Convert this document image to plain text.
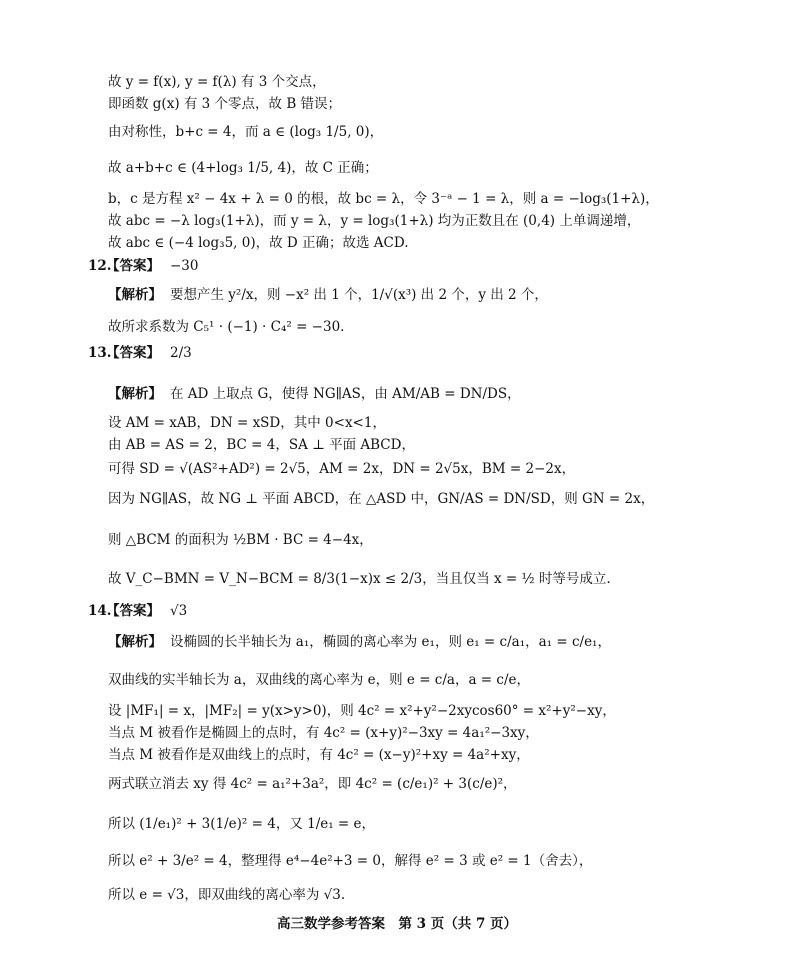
故 y = f(x), y = f(λ) 有 3 个交点，
即函数 g(x) 有 3 个零点，故 B 错误；
由对称性，b+c = 4，而 a ∈ (log₃ 1/5, 0)，
故 a+b+c ∈ (4+log₃ 1/5, 4)，故 C 正确；
b，c 是方程 x² − 4x + λ = 0 的根，故 bc = λ，令 3⁻ᵃ − 1 = λ，则 a = −log₃(1+λ)，
故 abc = −λ log₃(1+λ)，而 y = λ，y = log₃(1+λ) 均为正数且在 (0,4) 上单调递增，
故 abc ∈ (−4 log₃5, 0)，故 D 正确；故选 ACD.
12.
【答案】 −30
【解析】 要想产生 y²/x，则 −x² 出 1 个，1/√(x³) 出 2 个，y 出 2 个，
故所求系数为 C₅¹ · (−1) · C₄² = −30.
13.
【答案】 2/3
【解析】 在 AD 上取点 G，使得 NG∥AS，由 AM/AB = DN/DS，
设 AM = xAB，DN = xSD，其中 0<x<1，
由 AB = AS = 2，BC = 4，SA ⊥ 平面 ABCD，
可得 SD = √(AS²+AD²) = 2√5，AM = 2x，DN = 2√5x，BM = 2−2x，
因为 NG∥AS，故 NG ⊥ 平面 ABCD，在 △ASD 中，GN/AS = DN/SD，则 GN = 2x，
则 △BCM 的面积为 ½BM · BC = 4−4x，
故 V_C−BMN = V_N−BCM = 8/3(1−x)x ≤ 2/3，当且仅当 x = ½ 时等号成立.
14.
【答案】 √3
【解析】 设椭圆的长半轴长为 a₁，椭圆的离心率为 e₁，则 e₁ = c/a₁，a₁ = c/e₁，
双曲线的实半轴长为 a，双曲线的离心率为 e，则 e = c/a，a = c/e，
设 |MF₁| = x，|MF₂| = y(x>y>0)，则 4c² = x²+y²−2xycos60° = x²+y²−xy，
当点 M 被看作是椭圆上的点时，有 4c² = (x+y)²−3xy = 4a₁²−3xy，
当点 M 被看作是双曲线上的点时，有 4c² = (x−y)²+xy = 4a²+xy，
两式联立消去 xy 得 4c² = a₁²+3a²，即 4c² = (c/e₁)² + 3(c/e)²，
所以 (1/e₁)² + 3(1/e)² = 4，又 1/e₁ = e，
所以 e² + 3/e² = 4，整理得 e⁴−4e²+3 = 0，解得 e² = 3 或 e² = 1（舍去），
所以 e = √3，即双曲线的离心率为 √3.
高三数学参考答案　第 3 页（共 7 页）
